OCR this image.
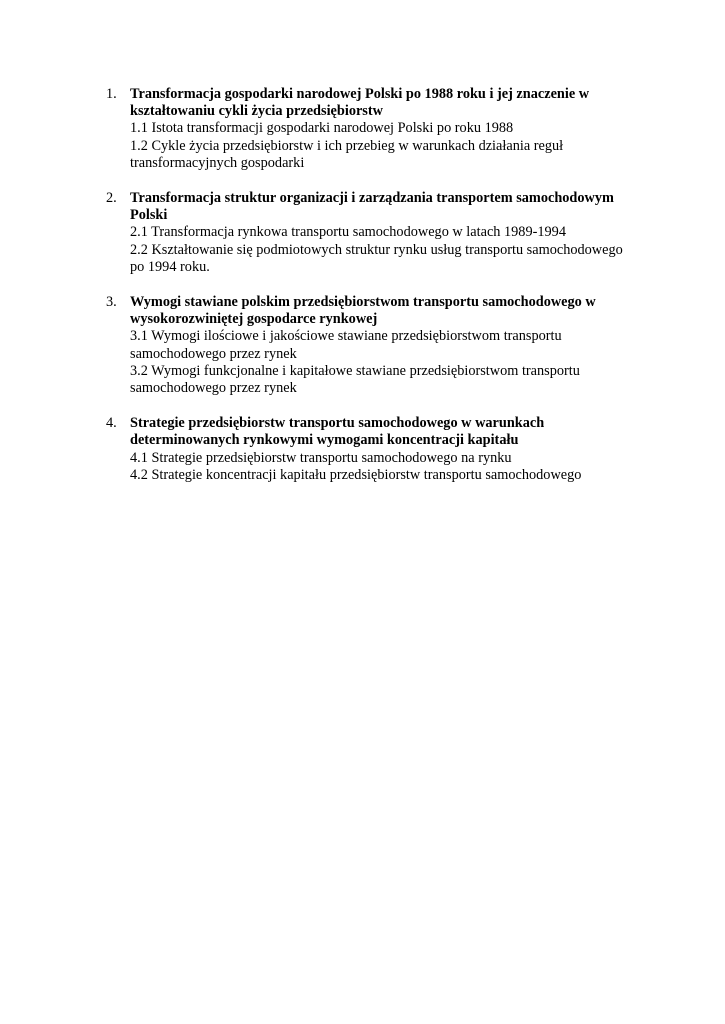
1. Transformacja gospodarki narodowej Polski po 1988 roku i jej znaczenie w kształtowaniu cykli życia przedsiębiorstw
1.1 Istota transformacji gospodarki narodowej Polski po roku 1988
1.2 Cykle życia przedsiębiorstw i ich przebieg w warunkach działania reguł transformacyjnych gospodarki
2. Transformacja struktur organizacji i zarządzania transportem samochodowym Polski
2.1 Transformacja rynkowa transportu samochodowego w latach 1989-1994
2.2 Kształtowanie się podmiotowych struktur rynku usług transportu samochodowego po 1994 roku.
3. Wymogi stawiane polskim przedsiębiorstwom transportu samochodowego w wysokorozwiniętej gospodarce rynkowej
3.1 Wymogi ilościowe i jakościowe stawiane przedsiębiorstwom transportu samochodowego przez rynek
3.2 Wymogi funkcjonalne i kapitałowe stawiane przedsiębiorstwom transportu samochodowego przez rynek
4. Strategie przedsiębiorstw transportu samochodowego w warunkach determinowanych rynkowymi wymogami koncentracji kapitału
4.1 Strategie przedsiębiorstw transportu samochodowego na rynku
4.2 Strategie koncentracji kapitału przedsiębiorstw transportu samochodowego
